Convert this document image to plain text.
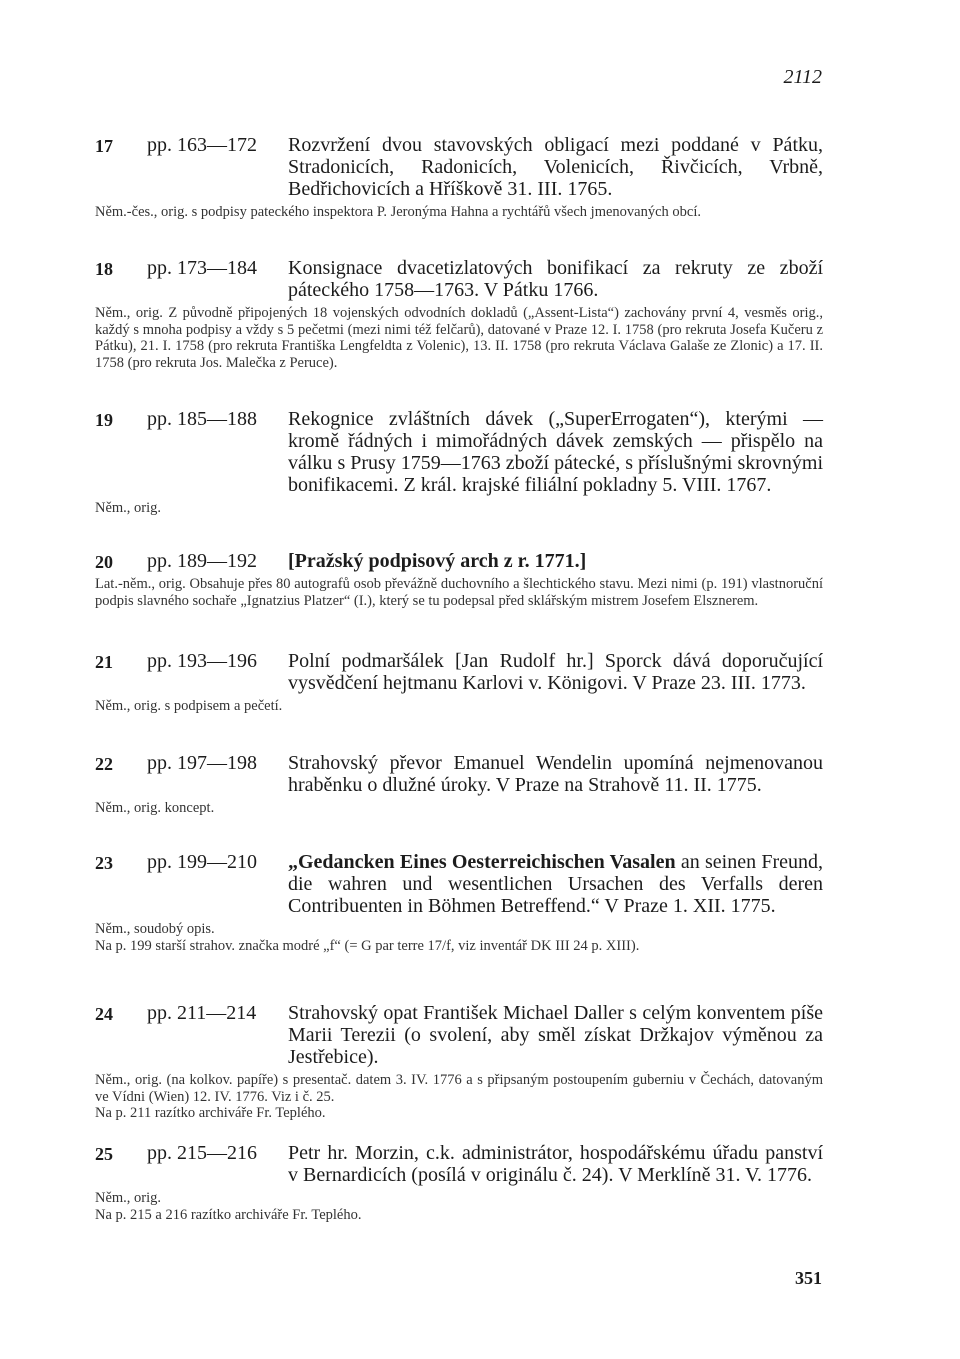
2112
17 pp. 163—172 Rozvržení dvou stavovských obligací mezi poddané v Pátku, Stradonicích, Radonicích, Volenicích, Řivčicích, Vrbně, Bedřichovicích a Hříškově 31. III. 1765.
Něm.-čes., orig. s podpisy pateckého inspektora P. Jeronýma Hahna a rychtářů všech jmenovaných obcí.
18 pp. 173—184 Konsignace dvacetizlatových bonifikací za rekruty ze zboží páteckého 1758—1763. V Pátku 1766.
Něm., orig. Z původně připojených 18 vojenských odvodních dokladů („Assent-Lista“) zachovány první 4, vesměs orig., každý s mnoha podpisy a vždy s 5 pečetmi (mezi nimi též felčarů), datované v Praze 12. I. 1758 (pro rekruta Josefa Kučeru z Pátku), 21. I. 1758 (pro rekruta Františka Lengfeldta z Volenic), 13. II. 1758 (pro rekruta Václava Galaše ze Zlonic) a 17. II. 1758 (pro rekruta Jos. Malečka z Peruce).
19 pp. 185—188 Rekognice zvláštních dávek („SuperErrogaten“), kterými — kromě řádných i mimořádných dávek zemských — přispělo na válku s Prusy 1759—1763 zboží pátecké, s příslušnými skrovnými bonifikacemi. Z král. krajské filiální pokladny 5. VIII. 1767.
Něm., orig.
20 pp. 189—192 [Pražský podpisový arch z r. 1771.]
Lat.-něm., orig. Obsahuje přes 80 autografů osob převážně duchovního a šlechtického stavu. Mezi nimi (p. 191) vlastnoruční podpis slavného sochaře „Ignatzius Platzer“ (I.), který se tu podepsal před sklářským mistrem Josefem Elsznerem.
21 pp. 193—196 Polní podmaršálek [Jan Rudolf hr.] Sporck dává doporučující vysvědčení hejtmanu Karlovi v. Königovi. V Praze 23. III. 1773.
Něm., orig. s podpisem a pečetí.
22 pp. 197—198 Strahovský převor Emanuel Wendelin upomíná nejmenovanou hraběnku o dlužné úroky. V Praze na Strahově 11. II. 1775.
Něm., orig. koncept.
23 pp. 199—210 „Gedancken Eines Oesterreichischen Vasalen an seinen Freund, die wahren und wesentlichen Ursachen des Verfalls deren Contribuenten in Böhmen Betreffend.“ V Praze 1. XII. 1775.
Něm., soudobý opis.
Na p. 199 starší strahov. značka modré „f“ (= G par terre 17/f, viz inventář DK III 24 p. XIII).
24 pp. 211—214 Strahovský opat František Michael Daller s celým konventem píše Marii Terezii (o svolení, aby směl získat Držkajov výměnou za Jestřebice).
Něm., orig. (na kolkov. papíře) s presentač. datem 3. IV. 1776 a s připsaným postoupením guberniu v Čechách, datovaným ve Vídni (Wien) 12. IV. 1776. Viz i č. 25.
Na p. 211 razítko archiváře Fr. Teplého.
25 pp. 215—216 Petr hr. Morzin, c.k. administrátor, hospodářskému úřadu panství v Bernardicích (posílá v originálu č. 24). V Merklíně 31. V. 1776.
Něm., orig.
Na p. 215 a 216 razítko archiváře Fr. Teplého.
351
